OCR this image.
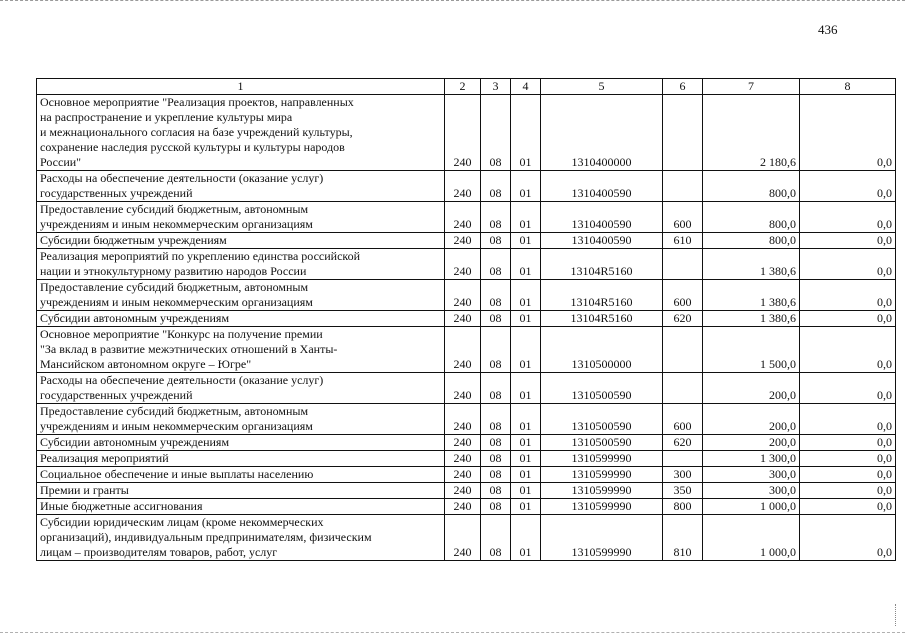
436
1	2	3	4	5	6	7	8
Основное мероприятие "Реализация проектов, направленных
на распространение и укрепление культуры мира
и межнационального согласия на базе учреждений культуры,
сохранение наследия русской культуры и культуры народов
России"	240	08	01	1310400000		2 180,6	0,0
Расходы на обеспечение деятельности (оказание услуг)
государственных учреждений	240	08	01	1310400590		800,0	0,0
Предоставление субсидий бюджетным, автономным
учреждениям и иным некоммерческим организациям	240	08	01	1310400590	600	800,0	0,0
Субсидии бюджетным учреждениям	240	08	01	1310400590	610	800,0	0,0
Реализация мероприятий по укреплению единства российской
нации и этнокультурному развитию народов России	240	08	01	13104R5160		1 380,6	0,0
Предоставление субсидий бюджетным, автономным
учреждениям и иным некоммерческим организациям	240	08	01	13104R5160	600	1 380,6	0,0
Субсидии автономным учреждениям	240	08	01	13104R5160	620	1 380,6	0,0
Основное мероприятие "Конкурс на получение премии
"За вклад в развитие межэтнических отношений в Ханты-
Мансийском автономном округе – Югре"	240	08	01	1310500000		1 500,0	0,0
Расходы на обеспечение деятельности (оказание услуг)
государственных учреждений	240	08	01	1310500590		200,0	0,0
Предоставление субсидий бюджетным, автономным
учреждениям и иным некоммерческим организациям	240	08	01	1310500590	600	200,0	0,0
Субсидии автономным учреждениям	240	08	01	1310500590	620	200,0	0,0
Реализация мероприятий	240	08	01	1310599990		1 300,0	0,0
Социальное обеспечение и иные выплаты населению	240	08	01	1310599990	300	300,0	0,0
Премии и гранты	240	08	01	1310599990	350	300,0	0,0
Иные бюджетные ассигнования	240	08	01	1310599990	800	1 000,0	0,0
Субсидии юридическим лицам (кроме некоммерческих
организаций), индивидуальным предпринимателям, физическим
лицам – производителям товаров, работ, услуг	240	08	01	1310599990	810	1 000,0	0,0
